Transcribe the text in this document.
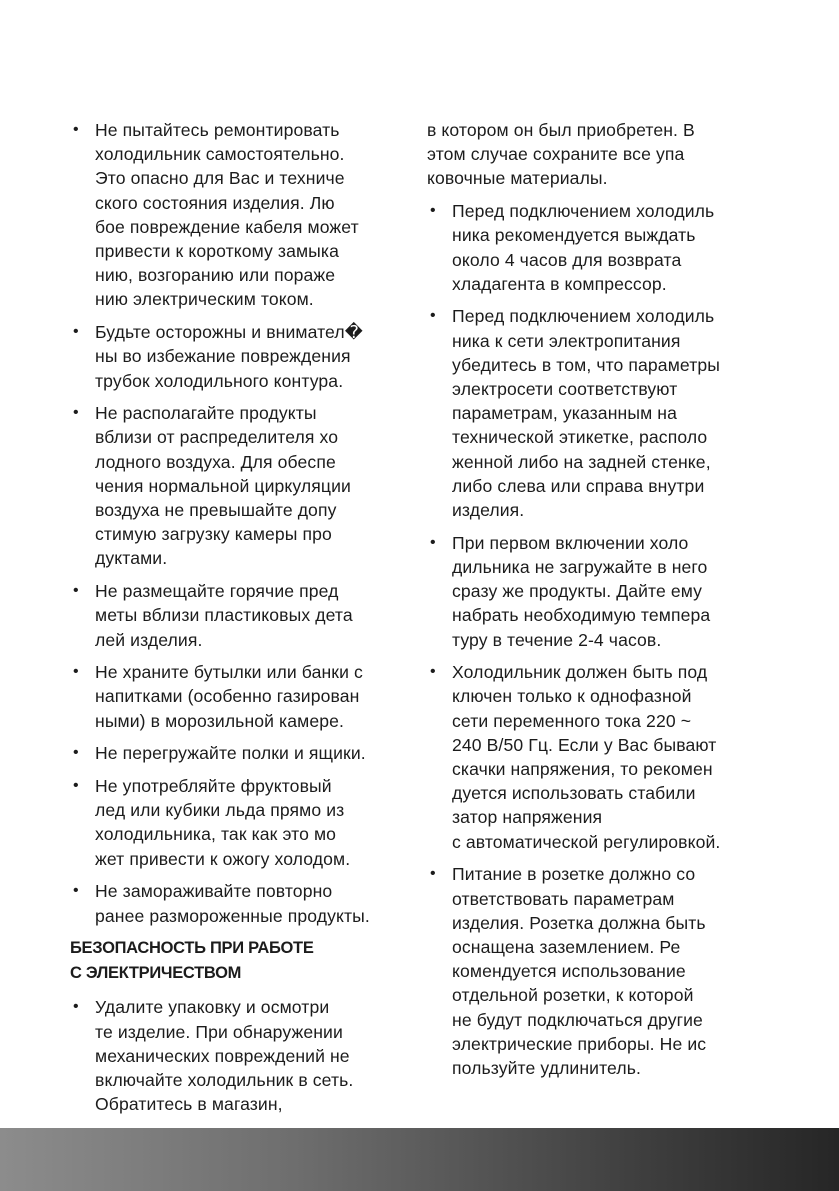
• Не пытайтесь ремонтировать
холодильник самостоятельно.
Это опасно для Вас и техниче
ского состояния изделия. Лю
бое повреждение кабеля может
привести к короткому замыка
нию, возгоранию или пораже
нию электрическим током.
• Будьте осторожны и внимател�
ны во избежание повреждения
трубок холодильного контура.
• Не располагайте продукты
вблизи от распределителя хо
лодного воздуха. Для обеспе
чения нормальной циркуляции
воздуха не превышайте допу
стимую загрузку камеры про
дуктами.
• Не размещайте горячие пред
меты вблизи пластиковых дета
лей изделия.
• Не храните бутылки или банки с
напитками (особенно газирован
ными) в морозильной камере.
• Не перегружайте полки и ящики.
• Не употребляйте фруктовый
лед или кубики льда прямо из
холодильника, так как это мо
жет привести к ожогу холодом.
• Не замораживайте повторно
ранее размороженные продукты.
БЕЗОПАСНОСТЬ ПРИ РАБОТЕ
С ЭЛЕКТРИЧЕСТВОМ
• Удалите упаковку и осмотри
те изделие. При обнаружении
механических повреждений не
включайте холодильник в сеть.
Обратитесь в магазин,
в котором он был приобретен. В
этом случае сохраните все упа
ковочные материалы.
• Перед подключением холодиль
ника рекомендуется выждать
около 4 часов для возврата
хладагента в компрессор.
• Перед подключением холодиль
ника к сети электропитания
убедитесь в том, что параметры
электросети соответствуют
параметрам, указанным на
технической этикетке, располо
женной либо на задней стенке,
либо слева или справа внутри
изделия.
• При первом включении холо
дильника не загружайте в него
сразу же продукты. Дайте ему
набрать необходимую темпера
туру в течение 2-4 часов.
• Холодильник должен быть под
ключен только к однофазной
сети переменного тока 220 ~
240 В/50 Гц. Если у Вас бывают
скачки напряжения, то рекомен
дуется использовать стабили
затор напряжения
с автоматической регулировкой.
• Питание в розетке должно со
ответствовать параметрам
изделия. Розетка должна быть
оснащена заземлением. Ре
комендуется использование
отдельной розетки, к которой
не будут подключаться другие
электрические приборы. Не ис
пользуйте удлинитель.
